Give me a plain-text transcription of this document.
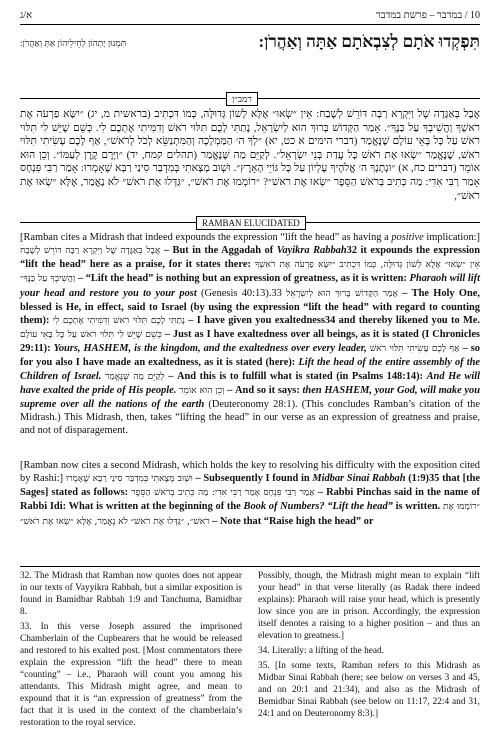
א/ג	10 / במדבר – פרשת במדבר
תִּפְקְדוּ אֹתָם לְצִבְאֹתָם אַתָּה וְאַהֲרֹן:
תִּמְנוּן יָתְהוֹן לְחֵילֵיהוֹן אַתְּ וְאַהֲרֹן:
רמב״ן
אֲבָל בְּאַגָּדָה שֶׁל וַיִּקְרָא רַבָּה דּוֹרֵשׁ לְשֶׁבַח: אֵין ״שְׂאוּ״ אֶלָּא לְשׁוֹן גְּדוּלָּה, כְּמוֹ דִּכְתִיב (בראשית מ, יג) ״יִשָּׂא פַרְעֹה אֶת רֹאשְׁךָ וַהֲשִׁיבְךָ עַל כַּנֶּךָ״. אָמַר הַקָּדוֹשׁ בָּרוּךְ הוּא לְיִשְׂרָאֵל, נָתַתִּי לָכֶם תִּלּוּי רֹאשׁ וְדִמִּיתִי אֶתְכֶם לִי. כְּשֵׁם שֶׁיֵּשׁ לִי תִּלּוּי רֹאשׁ עַל כָּל בָּאֵי עוֹלָם שֶׁנֶּאֱמַר (דברי הימים א כט, יא) ״לְךָ ה׳ הַמַּמְלָכָה וְהַמִּתְנַשֵּׂא לְכֹל לְרֹאשׁ״, אַף לָכֶם עָשִׂיתִי תִּלּוּי רֹאשׁ, שֶׁנֶּאֱמַר ״שְׂאוּ אֶת רֹאשׁ כָּל עֲדַת בְּנֵי יִשְׂרָאֵל״. לְקַיֵּם מַה שֶּׁנֶּאֱמַר (תהלים קמח, יד) ״וַיָּרֶם קֶרֶן לְעַמּוֹ״. וְכֵן הוּא אוֹמֵר (דברים כח, א) ״וּנְתָנְךָ ה׳ אֱלֹהֶיךָ עֶלְיוֹן עַל כָּל גּוֹיֵי הָאָרֶץ״. וּשְׁוּב מָצָאתִי בְּמִדְבַּר סִינַי רַבָּא שֶׁאָמְרוּ: אָמַר רַבִּי פִּנְחָס אָמַר רַבִּי אִדִי: מַה כְּתִיב בְּרֹאשׁ הַסֵּפֶר ״שְׂאוּ אֶת רֹאשׁ״? ״רוֹמְמוּ אֶת רֹאשׁ״, ״גַּדְּלוּ אֶת רֹאשׁ״ לֹא נֶאֱמַר, אֶלָּא ״שְׂאוּ אֶת רֹאשׁ״,
RAMBAN ELUCIDATED
[Ramban cites a Midrash that indeed expounds the expression “lift the head” as having a positive implication:] אֲבָל בְּאַגָּדָה שֶׁל וַיִּקְרָא רַבָּה דּוֹרֵשׁ לְשֶׁבַח – But in the Aggadah of Vayikra Rabbah32 it expounds the expression “lift the head” here as a praise, for it states there:	אֵין ״שְׂאוּ״ אֶלָּא לְשׁוֹן גְּדוּלָּה, כְּמוֹ דִּכְתִיב ״יִשָּׂא פַרְעֹה אֶת רֹאשְׁךָ וַהֲשִׁיבְךָ עַל כַּנֶּךָ״ – “Lift the head” is nothing but an expression of greatness, as it is written: Pharaoh will lift your head and restore you to your post (Genesis 40:13).33 אָמַר הַקָּדוֹשׁ בָּרוּךְ הוּא לְיִשְׂרָאֵל – The Holy One, blessed is He, in effect, said to Israel (by using the expression “lift the head” with regard to counting them): נָתַתִּי לָכֶם תִּלּוּי רֹאשׁ וְדִמִּיתִי אֶתְכֶם לִי – I have given you exaltedness34 and thereby likened you to Me. כְּשֵׁם שֶׁיֵּשׁ לִי תִּלּוּי רֹאשׁ עַל כָּל בָּאֵי עוֹלָם – Just as I have exaltedness over all beings, as it is stated (I Chronicles 29:11): Yours, HASHEM, is the kingdom, and the exaltedness over every leader, אַף לָכֶם עָשִׂיתִי תִּלּוּי רֹאשׁ – so for you also I have made an exaltedness, as it is stated (here): Lift the head of the entire assembly of the Children of Israel. לְקַיֵּם מַה שֶּׁנֶּאֱמַר – And this is to fulfill what is stated (in Psalms 148:14): And He will have exalted the pride of His people. וְכֵן הוּא אוֹמֵר – And so it says: then HASHEM, your God, will make you supreme over all the nations of the earth (Deuteronomy 28:1). (This concludes Ramban’s citation of the Midrash.) This Midrash, then, takes “lifting the head” in our verse as an expression of greatness and praise, and not of disparagement.
[Ramban now cites a second Midrash, which holds the key to resolving his difficulty with the exposition cited by Rashi:] וּשְׁוּב מָצָאתִי בְּמִדְבַּר סִינַי רַבָּא שֶׁאָמְרוּ – Subsequently I found in Midbar Sinai Rabbah (1:9)35 that [the Sages] stated as follows: אָמַר רַבִּי פִּנְחָס אָמַר רַבִּי אִדִי: מַה כְּתִיב בְּרֹאשׁ הַסֵּפֶר – Rabbi Pinchas said in the name of Rabbi Idi: What is written at the beginning of the Book of Numbers? “Lift the head” is written. ״רוֹמְמוּ אֶת רֹאשׁ״, ״גַּדְּלוּ אֶת רֹאשׁ״ לֹא נֶאֱמַר, אֶלָּא ״שְׂאוּ אֶת רֹאשׁ״ – Note that “Raise high the head” or

32. The Midrash that Ramban now quotes does not appear in our texts of Vayyikra Rabbah, but a similar exposition is found in Bamidbar Rabbah 1:9 and Tanchuma, Bamidbar 8.

33. In this verse Joseph assured the imprisoned Chamberlain of the Cupbearers that he would be released and restored to his exalted post. [Most commentators there explain the expression “lift the head” there to mean “counting” – i.e., Pharaoh will count you among his attendants. This Midrash might agree, and mean to expound that it is “an expression of greatness” from the fact that it is used in the context of the chamberlain’s restoration to the royal service.

Possibly, though, the Midrash might mean to explain “lift your head” in that verse literally (as Radak there indeed explains): Pharaoh will raise your head, which is presently low since you are in prison. Accordingly, the expression itself denotes a raising to a higher position – and thus an elevation to greatness.]

34. Literally: a lifting of the head.

35. [In some texts, Ramban refers to this Midrash as Midbar Sinai Rabbah (here; see below on verses 3 and 45, and on 20:1 and 21:34), and also as the Midrash of Bemidbar Sinai Rabbah (see below on 11:17, 22:4 and 31, 24:1 and on Deuteronomy 8:3).]
